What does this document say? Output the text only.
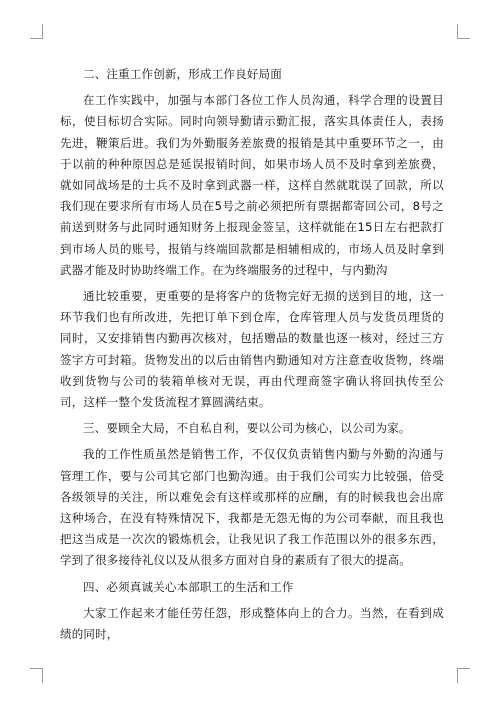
二、注重工作创新，形成工作良好局面

在工作实践中，加强与本部门各位工作人员沟通，科学合理的设置目标，使目标切合实际。同时向领导勤请示勤汇报，落实具体责任人，表扬先进，鞭策后进。我们为外勤服务差旅费的报销是其中重要环节之一，由于以前的种种原因总是延误报销时间，如果市场人员不及时拿到差旅费，就如同战场是的士兵不及时拿到武器一样，这样自然就耽误了回款，所以我们现在要求所有市场人员在5号之前必须把所有票据都寄回公司，8号之前送到财务与此同时通知财务上报现金签呈，这样就能在15日左右把款打到市场人员的账号，报销与终端回款都是相辅相成的，市场人员及时拿到武器才能及时协助终端工作。在为终端服务的过程中，与内勤沟

通比较重要，更重要的是将客户的货物完好无损的送到目的地，这一环节我们也有所改进，先把订单下到仓库，仓库管理人员与发货员理货的同时，又安排销售内勤再次核对，包括赠品的数量也逐一核对，经过三方签字方可封箱。货物发出的以后由销售内勤通知对方注意查收货物，终端收到货物与公司的装箱单核对无误，再由代理商签字确认将回执传至公司，这样一整个发货流程才算圆满结束。

三、要顾全大局，不自私自利，要以公司为核心，以公司为家。

我的工作性质虽然是销售工作，不仅仅负责销售内勤与外勤的沟通与管理工作，要与公司其它部门也勤沟通。由于我们公司实力比较强，倍受各级领导的关注，所以难免会有这样或那样的应酬，有的时候我也会出席这种场合，在没有特殊情况下，我都是无怨无悔的为公司奉献，而且我也把这当成是一次次的锻炼机会，让我见识了我工作范围以外的很多东西，学到了很多接待礼仪以及从很多方面对自身的素质有了很大的提高。

四、必须真诚关心本部职工的生活和工作

大家工作起来才能任劳任怨，形成整体向上的合力。当然，在看到成绩的同时，
